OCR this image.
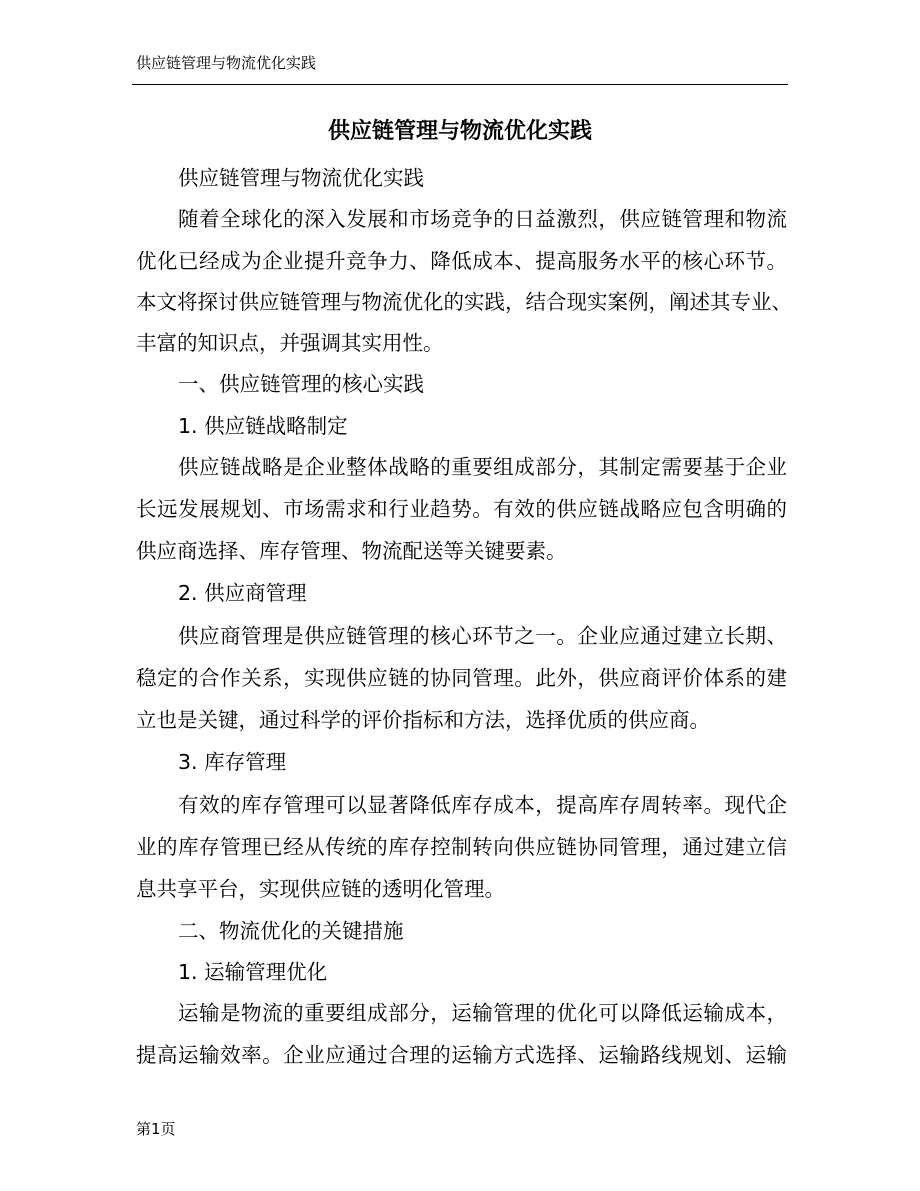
供应链管理与物流优化实践
供应链管理与物流优化实践
供应链管理与物流优化实践
随着全球化的深入发展和市场竞争的日益激烈，供应链管理和物流
优化已经成为企业提升竞争力、降低成本、提高服务水平的核心环节。
本文将探讨供应链管理与物流优化的实践，结合现实案例，阐述其专业、
丰富的知识点，并强调其实用性。
一、供应链管理的核心实践
1. 供应链战略制定
供应链战略是企业整体战略的重要组成部分，其制定需要基于企业
长远发展规划、市场需求和行业趋势。有效的供应链战略应包含明确的
供应商选择、库存管理、物流配送等关键要素。
2. 供应商管理
供应商管理是供应链管理的核心环节之一。企业应通过建立长期、
稳定的合作关系，实现供应链的协同管理。此外，供应商评价体系的建
立也是关键，通过科学的评价指标和方法，选择优质的供应商。
3. 库存管理
有效的库存管理可以显著降低库存成本，提高库存周转率。现代企
业的库存管理已经从传统的库存控制转向供应链协同管理，通过建立信
息共享平台，实现供应链的透明化管理。
二、物流优化的关键措施
1. 运输管理优化
运输是物流的重要组成部分，运输管理的优化可以降低运输成本，
提高运输效率。企业应通过合理的运输方式选择、运输路线规划、运输
第1页
